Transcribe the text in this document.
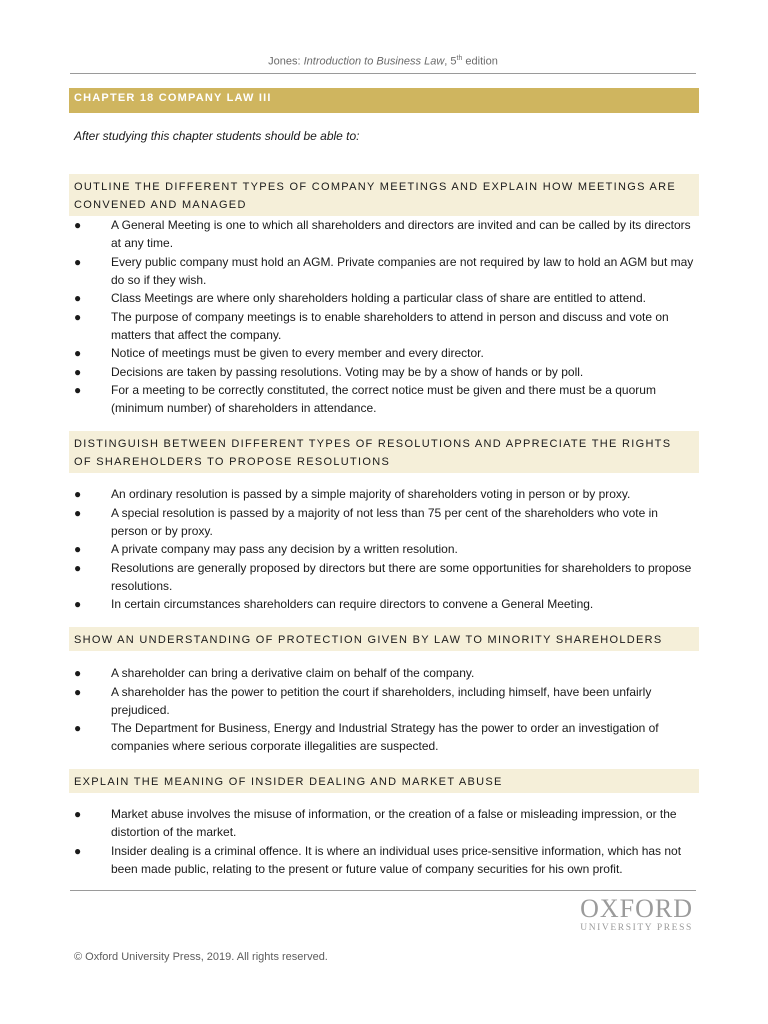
Jones: Introduction to Business Law, 5th edition
CHAPTER 18 COMPANY LAW III
After studying this chapter students should be able to:
OUTLINE THE DIFFERENT TYPES OF COMPANY MEETINGS AND EXPLAIN HOW MEETINGS ARE CONVENED AND MANAGED
● A General Meeting is one to which all shareholders and directors are invited and can be called by its directors at any time.
● Every public company must hold an AGM. Private companies are not required by law to hold an AGM but may do so if they wish.
● Class Meetings are where only shareholders holding a particular class of share are entitled to attend.
● The purpose of company meetings is to enable shareholders to attend in person and discuss and vote on matters that affect the company.
● Notice of meetings must be given to every member and every director.
● Decisions are taken by passing resolutions. Voting may be by a show of hands or by poll.
● For a meeting to be correctly constituted, the correct notice must be given and there must be a quorum (minimum number) of shareholders in attendance.
DISTINGUISH BETWEEN DIFFERENT TYPES OF RESOLUTIONS AND APPRECIATE THE RIGHTS OF SHAREHOLDERS TO PROPOSE RESOLUTIONS
● An ordinary resolution is passed by a simple majority of shareholders voting in person or by proxy.
● A special resolution is passed by a majority of not less than 75 per cent of the shareholders who vote in person or by proxy.
● A private company may pass any decision by a written resolution.
● Resolutions are generally proposed by directors but there are some opportunities for shareholders to propose resolutions.
● In certain circumstances shareholders can require directors to convene a General Meeting.
SHOW AN UNDERSTANDING OF PROTECTION GIVEN BY LAW TO MINORITY SHAREHOLDERS
● A shareholder can bring a derivative claim on behalf of the company.
● A shareholder has the power to petition the court if shareholders, including himself, have been unfairly prejudiced.
● The Department for Business, Energy and Industrial Strategy has the power to order an investigation of companies where serious corporate illegalities are suspected.
EXPLAIN THE MEANING OF INSIDER DEALING AND MARKET ABUSE
● Market abuse involves the misuse of information, or the creation of a false or misleading impression, or the distortion of the market.
● Insider dealing is a criminal offence. It is where an individual uses price-sensitive information, which has not been made public, relating to the present or future value of company securities for his own profit.
OXFORD
UNIVERSITY PRESS
© Oxford University Press, 2019. All rights reserved.
